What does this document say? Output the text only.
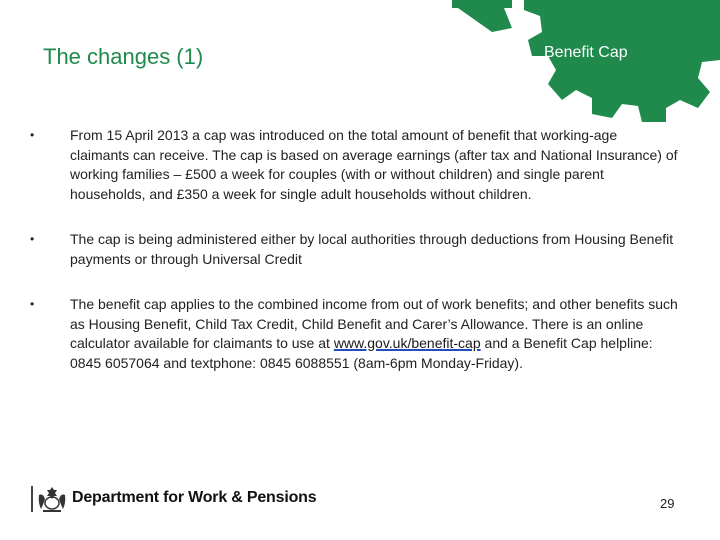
The changes (1)	Benefit Cap
•	From 15 April 2013 a cap was introduced on the total amount of benefit that working-age claimants can receive. The cap is based on average earnings (after tax and National Insurance) of working families – £500 a week for couples (with or without children) and single parent households, and £350 a week for single adult households without children.
•	The cap is being administered either by local authorities through deductions from Housing Benefit payments or through Universal Credit
•	The benefit cap applies to the combined income from out of work benefits; and other benefits such as Housing Benefit, Child Tax Credit, Child Benefit and Carer’s Allowance. There is an online calculator available for claimants to use at www.gov.uk/benefit-cap and a Benefit Cap helpline: 0845 6057064 and textphone: 0845 6088551 (8am-6pm Monday-Friday).
Department for Work & Pensions	29
